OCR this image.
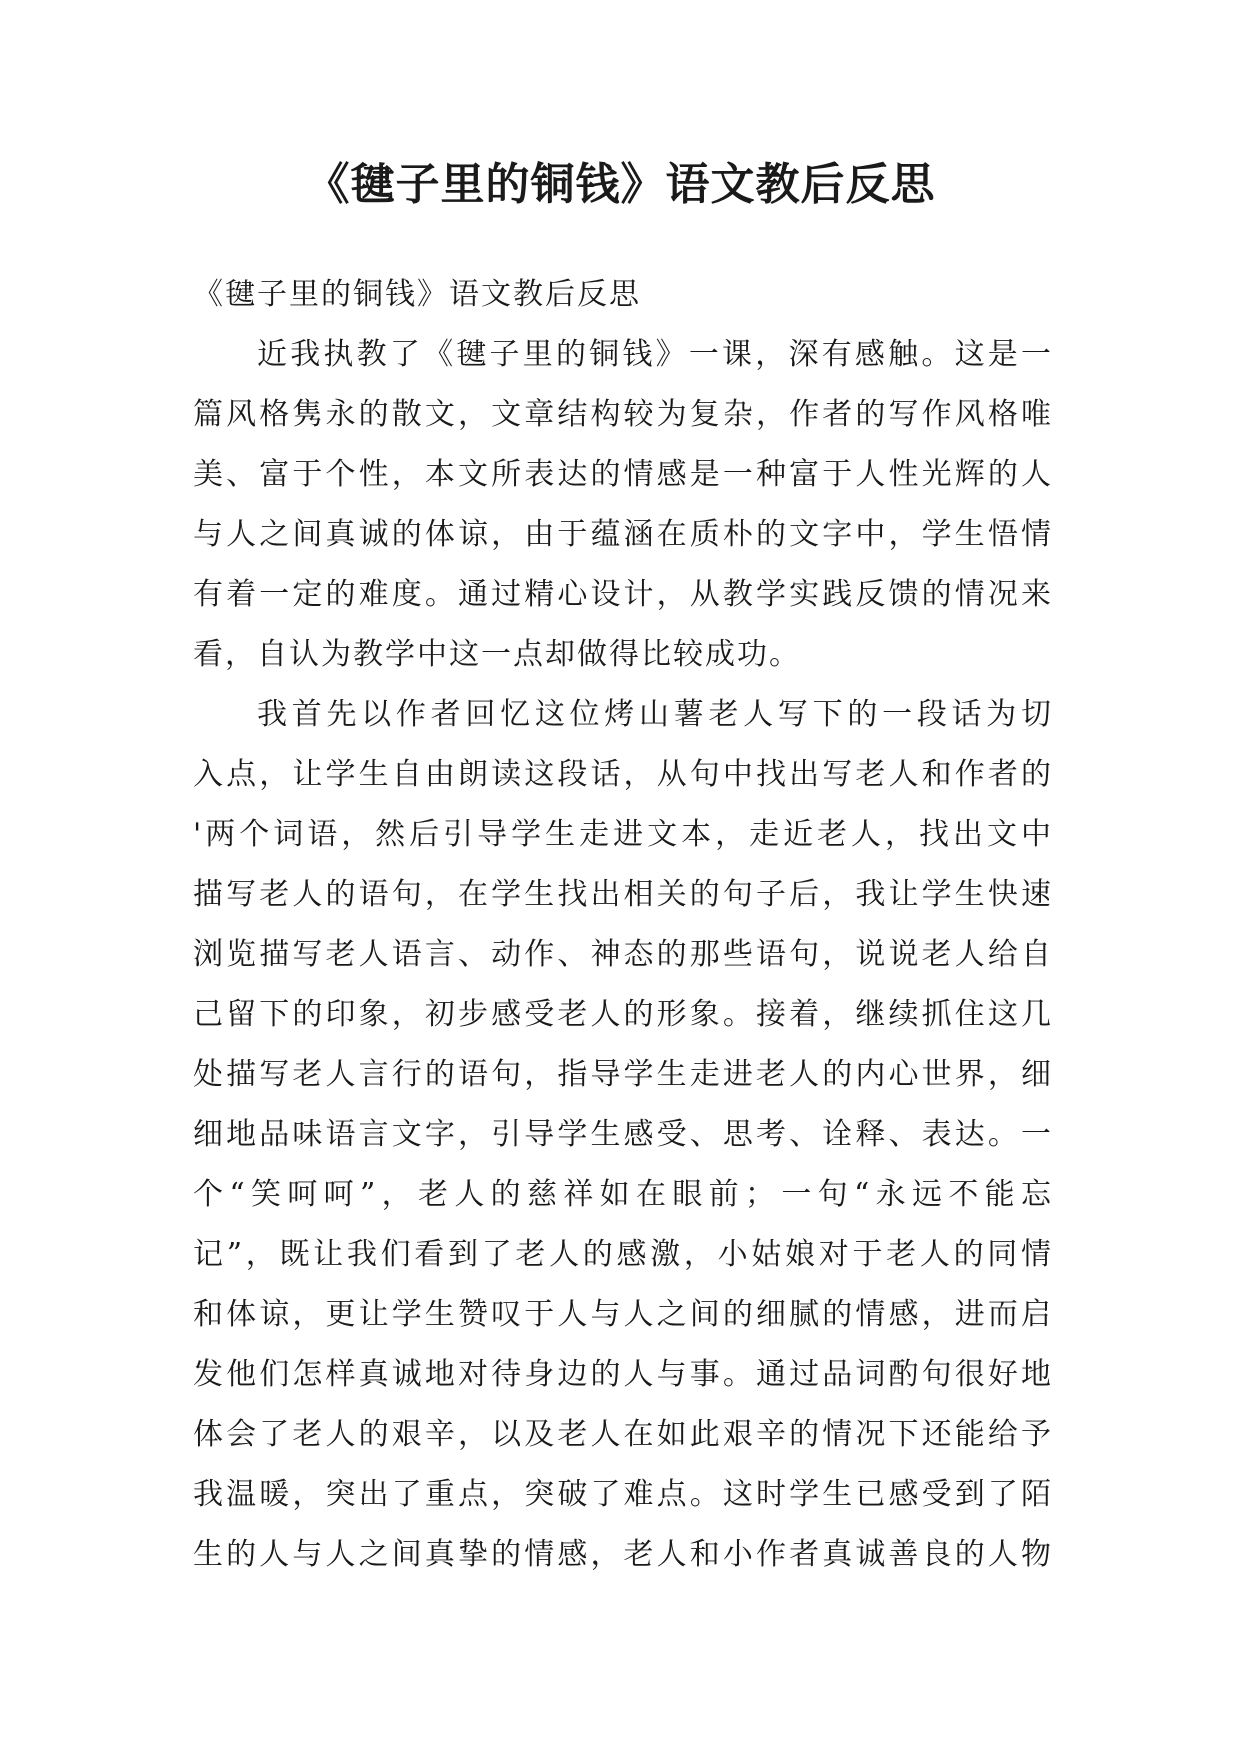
《毽子里的铜钱》语文教后反思
《毽子里的铜钱》语文教后反思
近我执教了《毽子里的铜钱》一课，深有感触。这是一
篇风格隽永的散文，文章结构较为复杂，作者的写作风格唯
美、富于个性，本文所表达的情感是一种富于人性光辉的人
与人之间真诚的体谅，由于蕴涵在质朴的文字中，学生悟情
有着一定的难度。通过精心设计，从教学实践反馈的情况来
看，自认为教学中这一点却做得比较成功。
我首先以作者回忆这位烤山薯老人写下的一段话为切
入点，让学生自由朗读这段话，从句中找出写老人和作者的
'两个词语，然后引导学生走进文本，走近老人，找出文中
描写老人的语句，在学生找出相关的句子后，我让学生快速
浏览描写老人语言、动作、神态的那些语句，说说老人给自
己留下的印象，初步感受老人的形象。接着，继续抓住这几
处描写老人言行的语句，指导学生走进老人的内心世界，细
细地品味语言文字，引导学生感受、思考、诠释、表达。一
个“笑呵呵”，老人的慈祥如在眼前；一句“永远不能忘
记”，既让我们看到了老人的感激，小姑娘对于老人的同情
和体谅，更让学生赞叹于人与人之间的细腻的情感，进而启
发他们怎样真诚地对待身边的人与事。通过品词酌句很好地
体会了老人的艰辛，以及老人在如此艰辛的情况下还能给予
我温暖，突出了重点，突破了难点。这时学生已感受到了陌
生的人与人之间真挚的情感，老人和小作者真诚善良的人物
